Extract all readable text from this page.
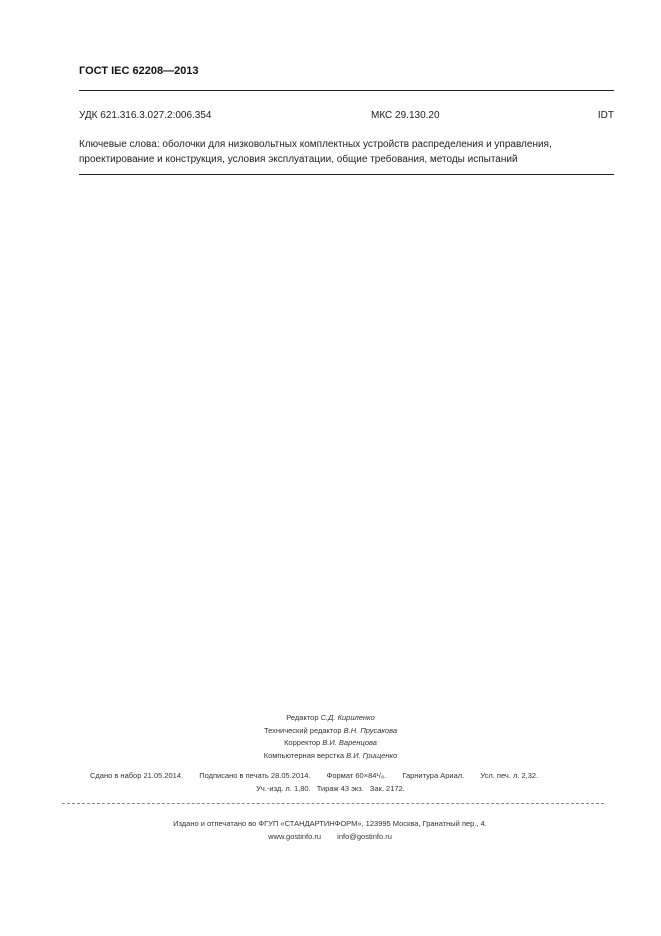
ГОСТ IEC 62208—2013
УДК 621.316.3.027.2:006.354	МКС 29.130.20	IDT
Ключевые слова: оболочки для низковольтных комплектных устройств распределения и управления,
проектирование и конструкция, условия эксплуатации, общие требования, методы испытаний
Редактор С.Д. Кириленко
Технический редактор В.Н. Прусакова
Корректор В.И. Варенцова
Компьютерная верстка В.И. Грищенко
Сдано в набор 21.05.2014. Подписано в печать 28.05.2014. Формат 60×84¹/₈. Гарнитура Ариал. Усл. печ. л. 2,32.
Уч.-изд. л. 1,80. Тираж 43 экз. Зак. 2172.
Издано и отпечатано во ФГУП «СТАНДАРТИНФОРМ», 123995 Москва, Гранатный пер., 4.
www.gostinfo.ru info@gostinfo.ru
